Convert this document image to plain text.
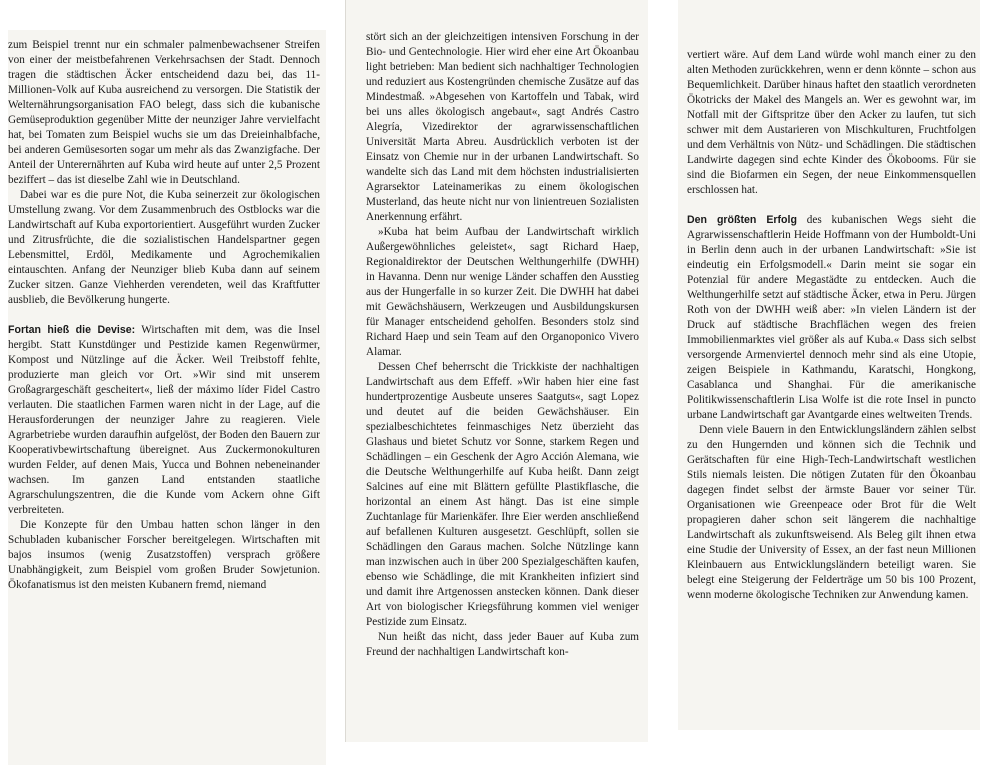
zum Beispiel trennt nur ein schmaler palmenbewachsener Streifen von einer der meistbefahrenen Verkehrsachsen der Stadt. Dennoch tragen die städtischen Äcker entscheidend dazu bei, das 11-Millionen-Volk auf Kuba ausreichend zu versorgen. Die Statistik der Welternährungsorganisation FAO belegt, dass sich die kubanische Gemüseproduktion gegenüber Mitte der neunziger Jahre vervielfacht hat, bei Tomaten zum Beispiel wuchs sie um das Dreieinhalbfache, bei anderen Gemüsesorten sogar um mehr als das Zwanzigfache. Der Anteil der Unterernährten auf Kuba wird heute auf unter 2,5 Prozent beziffert – das ist dieselbe Zahl wie in Deutschland.

Dabei war es die pure Not, die Kuba seinerzeit zur ökologischen Umstellung zwang. Vor dem Zusammenbruch des Ostblocks war die Landwirtschaft auf Kuba exportorientiert. Ausgeführt wurden Zucker und Zitrusfrüchte, die die sozialistischen Handelspartner gegen Lebensmittel, Erdöl, Medikamente und Agrochemikalien eintauschten. Anfang der Neunziger blieb Kuba dann auf seinem Zucker sitzen. Ganze Viehherden verendeten, weil das Kraftfutter ausblieb, die Bevölkerung hungerte.

Fortan hieß die Devise: Wirtschaften mit dem, was die Insel hergibt. Statt Kunstdünger und Pestizide kamen Regenwürmer, Kompost und Nützlinge auf die Äcker. Weil Treibstoff fehlte, produzierte man gleich vor Ort. »Wir sind mit unserem Großagrargeschäft gescheitert«, ließ der máximo líder Fidel Castro verlauten. Die staatlichen Farmen waren nicht in der Lage, auf die Herausforderungen der neunziger Jahre zu reagieren. Viele Agrarbetriebe wurden daraufhin aufgelöst, der Boden den Bauern zur Kooperativbewirtschaftung übereignet. Aus Zuckermonokulturen wurden Felder, auf denen Mais, Yucca und Bohnen nebeneinander wachsen. Im ganzen Land entstanden staatliche Agrarschulungszentren, die die Kunde vom Ackern ohne Gift verbreiteten.

Die Konzepte für den Umbau hatten schon länger in den Schubladen kubanischer Forscher bereitgelegen. Wirtschaften mit bajos insumos (wenig Zusatzstoffen) versprach größere Unabhängigkeit, zum Beispiel vom großen Bruder Sowjetunion. Ökofanatismus ist den meisten Kubanern fremd, niemand

stört sich an der gleichzeitigen intensiven Forschung in der Bio- und Gentechnologie. Hier wird eher eine Art Ökoanbau light betrieben: Man bedient sich nachhaltiger Technologien und reduziert aus Kostengründen chemische Zusätze auf das Mindestmaß. »Abgesehen von Kartoffeln und Tabak, wird bei uns alles ökologisch angebaut«, sagt Andrés Castro Alegría, Vizedirektor der agrarwissenschaftlichen Universität Marta Abreu. Ausdrücklich verboten ist der Einsatz von Chemie nur in der urbanen Landwirtschaft. So wandelte sich das Land mit dem höchsten industrialisierten Agrarsektor Lateinamerikas zu einem ökologischen Musterland, das heute nicht nur von linientreuen Sozialisten Anerkennung erfährt.

»Kuba hat beim Aufbau der Landwirtschaft wirklich Außergewöhnliches geleistet«, sagt Richard Haep, Regionaldirektor der Deutschen Welthungerhilfe (DWHH) in Havanna. Denn nur wenige Länder schaffen den Ausstieg aus der Hungerfalle in so kurzer Zeit. Die DWHH hat dabei mit Gewächshäusern, Werkzeugen und Ausbildungskursen für Manager entscheidend geholfen. Besonders stolz sind Richard Haep und sein Team auf den Organoponico Vivero Alamar.

Dessen Chef beherrscht die Trickkiste der nachhaltigen Landwirtschaft aus dem Effeff. »Wir haben hier eine fast hundertprozentige Ausbeute unseres Saatguts«, sagt Lopez und deutet auf die beiden Gewächshäuser. Ein spezialbeschichtetes feinmaschiges Netz überzieht das Glashaus und bietet Schutz vor Sonne, starkem Regen und Schädlingen – ein Geschenk der Agro Acción Alemana, wie die Deutsche Welthungerhilfe auf Kuba heißt. Dann zeigt Salcines auf eine mit Blättern gefüllte Plastikflasche, die horizontal an einem Ast hängt. Das ist eine simple Zuchtanlage für Marienkäfer. Ihre Eier werden anschließend auf befallenen Kulturen ausgesetzt. Geschlüpft, sollen sie Schädlingen den Garaus machen. Solche Nützlinge kann man inzwischen auch in über 200 Spezialgeschäften kaufen, ebenso wie Schädlinge, die mit Krankheiten infiziert sind und damit ihre Artgenossen anstecken können. Dank dieser Art von biologischer Kriegsführung kommen viel weniger Pestizide zum Einsatz.

Nun heißt das nicht, dass jeder Bauer auf Kuba zum Freund der nachhaltigen Landwirtschaft kon-

vertiert wäre. Auf dem Land würde wohl manch einer zu den alten Methoden zurückkehren, wenn er denn könnte – schon aus Bequemlichkeit. Darüber hinaus haftet den staatlich verordneten Ökotricks der Makel des Mangels an. Wer es gewohnt war, im Notfall mit der Giftspritze über den Acker zu laufen, tut sich schwer mit dem Austarieren von Mischkulturen, Fruchtfolgen und dem Verhältnis von Nütz- und Schädlingen. Die städtischen Landwirte dagegen sind echte Kinder des Ökobooms. Für sie sind die Biofarmen ein Segen, der neue Einkommensquellen erschlossen hat.

Den größten Erfolg des kubanischen Wegs sieht die Agrarwissenschaftlerin Heide Hoffmann von der Humboldt-Uni in Berlin denn auch in der urbanen Landwirtschaft: »Sie ist eindeutig ein Erfolgsmodell.« Darin meint sie sogar ein Potenzial für andere Megastädte zu entdecken. Auch die Welthungerhilfe setzt auf städtische Äcker, etwa in Peru. Jürgen Roth von der DWHH weiß aber: »In vielen Ländern ist der Druck auf städtische Brachflächen wegen des freien Immobilienmarktes viel größer als auf Kuba.« Dass sich selbst versorgende Armenviertel dennoch mehr sind als eine Utopie, zeigen Beispiele in Kathmandu, Karatschi, Hongkong, Casablanca und Shanghai. Für die amerikanische Politikwissenschaftlerin Lisa Wolfe ist die rote Insel in puncto urbane Landwirtschaft gar Avantgarde eines weltweiten Trends.

Denn viele Bauern in den Entwicklungsländern zählen selbst zu den Hungernden und können sich die Technik und Gerätschaften für eine High-Tech-Landwirtschaft westlichen Stils niemals leisten. Die nötigen Zutaten für den Ökoanbau dagegen findet selbst der ärmste Bauer vor seiner Tür. Organisationen wie Greenpeace oder Brot für die Welt propagieren daher schon seit längerem die nachhaltige Landwirtschaft als zukunftsweisend. Als Beleg gilt ihnen etwa eine Studie der University of Essex, an der fast neun Millionen Kleinbauern aus Entwicklungsländern beteiligt waren. Sie belegt eine Steigerung der Felderträge um 50 bis 100 Prozent, wenn moderne ökologische Techniken zur Anwendung kamen.
